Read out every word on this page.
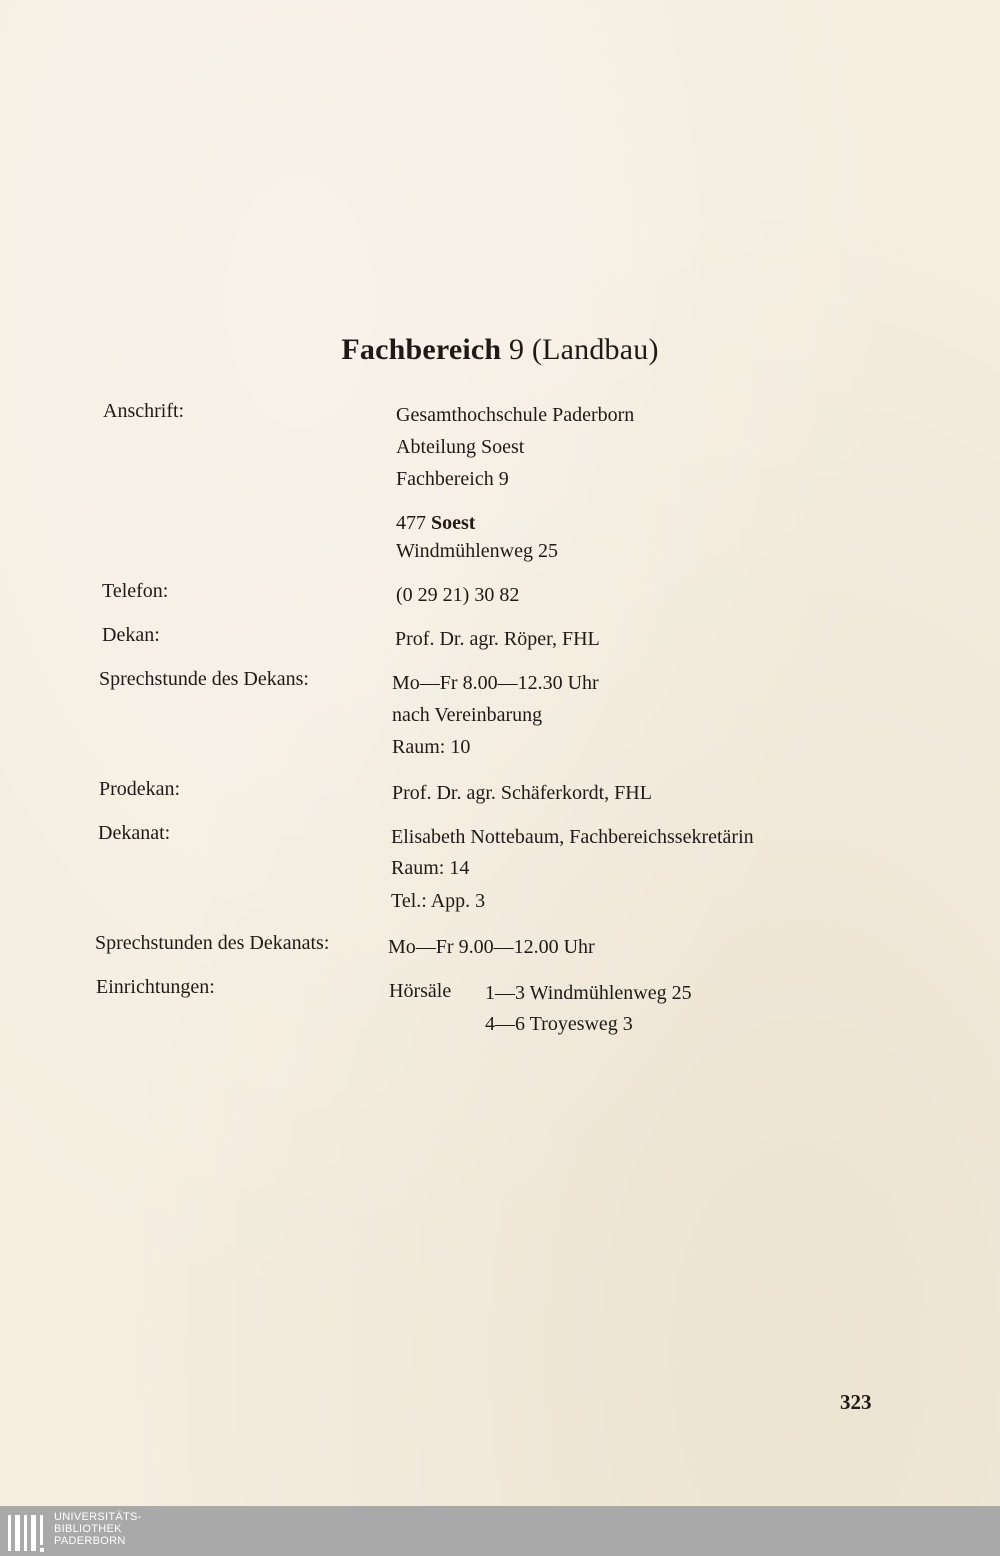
Fachbereich 9 (Landbau)
Anschrift:	Gesamthochschule Paderborn
Abteilung Soest
Fachbereich 9
477 Soest
Windmühlenweg 25
Telefon:	(0 29 21) 30 82
Dekan:	Prof. Dr. agr. Röper, FHL
Sprechstunde des Dekans:	Mo—Fr 8.00—12.30 Uhr
nach Vereinbarung
Raum: 10
Prodekan:	Prof. Dr. agr. Schäferkordt, FHL
Dekanat:	Elisabeth Nottebaum, Fachbereichssekretärin
Raum: 14
Tel.: App. 3
Sprechstunden des Dekanats:	Mo—Fr 9.00—12.00 Uhr
Einrichtungen:	Hörsäle 1—3 Windmühlenweg 25
4—6 Troyesweg 3
323
UNIVERSITÄTS-
BIBLIOTHEK
PADERBORN
